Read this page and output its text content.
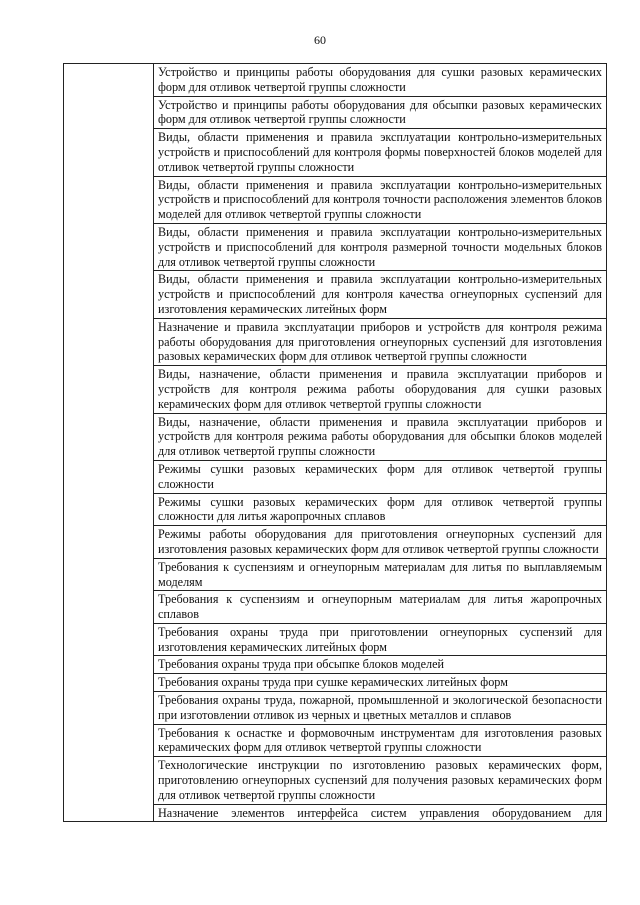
60
	Устройство и принципы работы оборудования для сушки разовых керамических форм для отливок четвертой группы сложности
Устройство и принципы работы оборудования для обсыпки разовых керамических форм для отливок четвертой группы сложности
Виды, области применения и правила эксплуатации контрольно-измерительных устройств и приспособлений для контроля формы поверхностей блоков моделей для отливок четвертой группы сложности
Виды, области применения и правила эксплуатации контрольно-измерительных устройств и приспособлений для контроля точности расположения элементов блоков моделей для отливок четвертой группы сложности
Виды, области применения и правила эксплуатации контрольно-измерительных устройств и приспособлений для контроля размерной точности модельных блоков для отливок четвертой группы сложности
Виды, области применения и правила эксплуатации контрольно-измерительных устройств и приспособлений для контроля качества огнеупорных суспензий для изготовления керамических литейных форм
Назначение и правила эксплуатации приборов и устройств для контроля режима работы оборудования для приготовления огнеупорных суспензий для изготовления разовых керамических форм для отливок четвертой группы сложности
Виды, назначение, области применения и правила эксплуатации приборов и устройств для контроля режима работы оборудования для сушки разовых керамических форм для отливок четвертой группы сложности
Виды, назначение, области применения и правила эксплуатации приборов и устройств для контроля режима работы оборудования для обсыпки блоков моделей для отливок четвертой группы сложности
Режимы сушки разовых керамических форм для отливок четвертой группы сложности
Режимы сушки разовых керамических форм для отливок четвертой группы сложности для литья жаропрочных сплавов
Режимы работы оборудования для приготовления огнеупорных суспензий для изготовления разовых керамических форм для отливок четвертой группы сложности
Требования к суспензиям и огнеупорным материалам для литья по выплавляемым моделям
Требования к суспензиям и огнеупорным материалам для литья жаропрочных сплавов
Требования охраны труда при приготовлении огнеупорных суспензий для изготовления керамических литейных форм
Требования охраны труда при обсыпке блоков моделей
Требования охраны труда при сушке керамических литейных форм
Требования охраны труда, пожарной, промышленной и экологической безопасности при изготовлении отливок из черных и цветных металлов и сплавов
Требования к оснастке и формовочным инструментам для изготовления разовых керамических форм для отливок четвертой группы сложности
Технологические инструкции по изготовлению разовых керамических форм, приготовлению огнеупорных суспензий для получения разовых керамических форм для отливок четвертой группы сложности
Назначение элементов интерфейса систем управления оборудованием для
